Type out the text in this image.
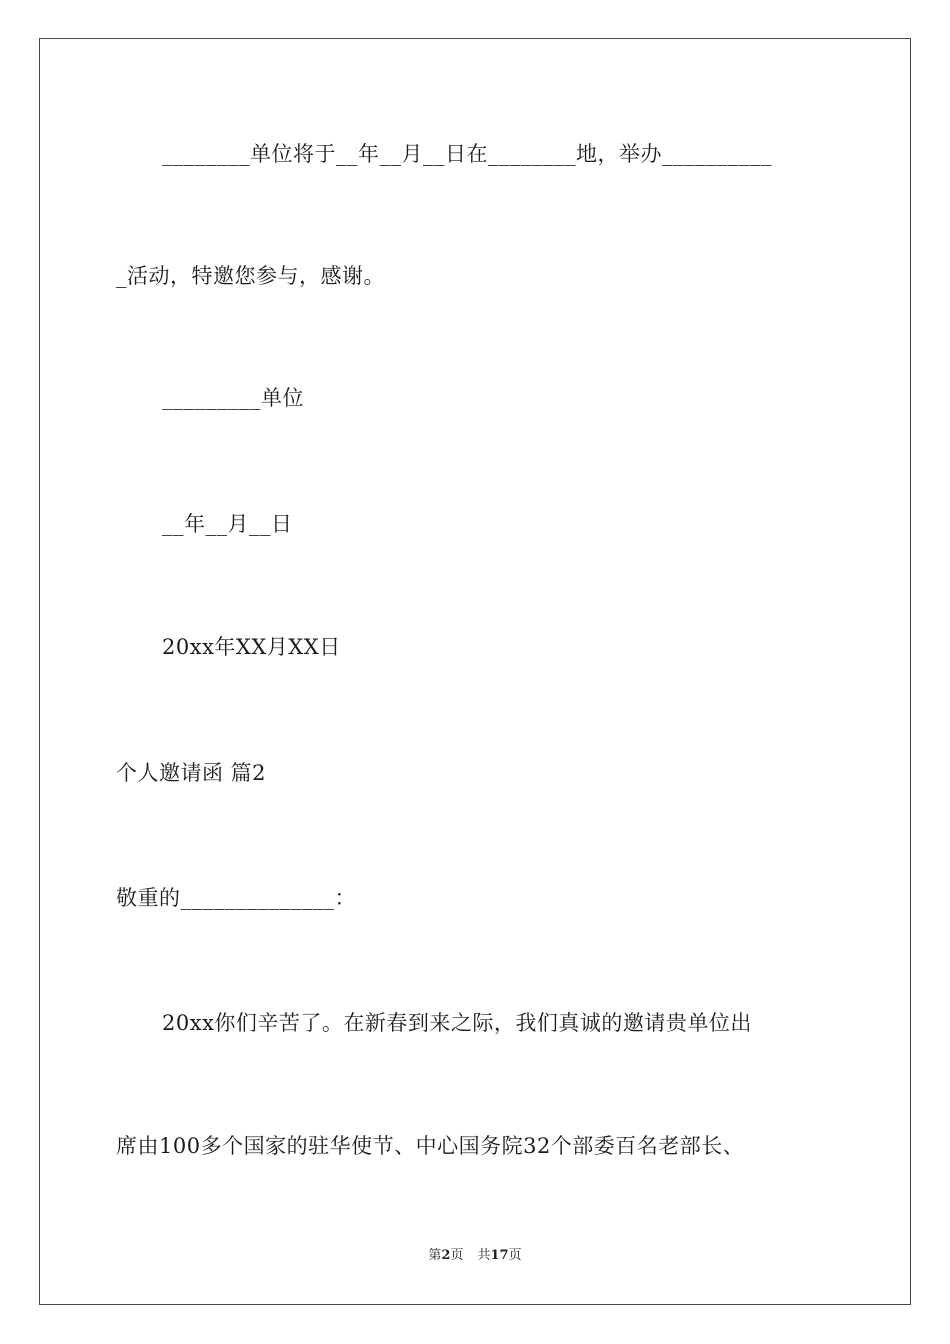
________单位将于__年__月__日在________地，举办__________
_活动，特邀您参与，感谢。
_________单位
__年__月__日
20xx年XX月XX日
个人邀请函 篇2
敬重的______________：
20xx你们辛苦了。在新春到来之际，我们真诚的邀请贵单位出
席由100多个国家的驻华使节、中心国务院32个部委百名老部长、
第2页 共17页
